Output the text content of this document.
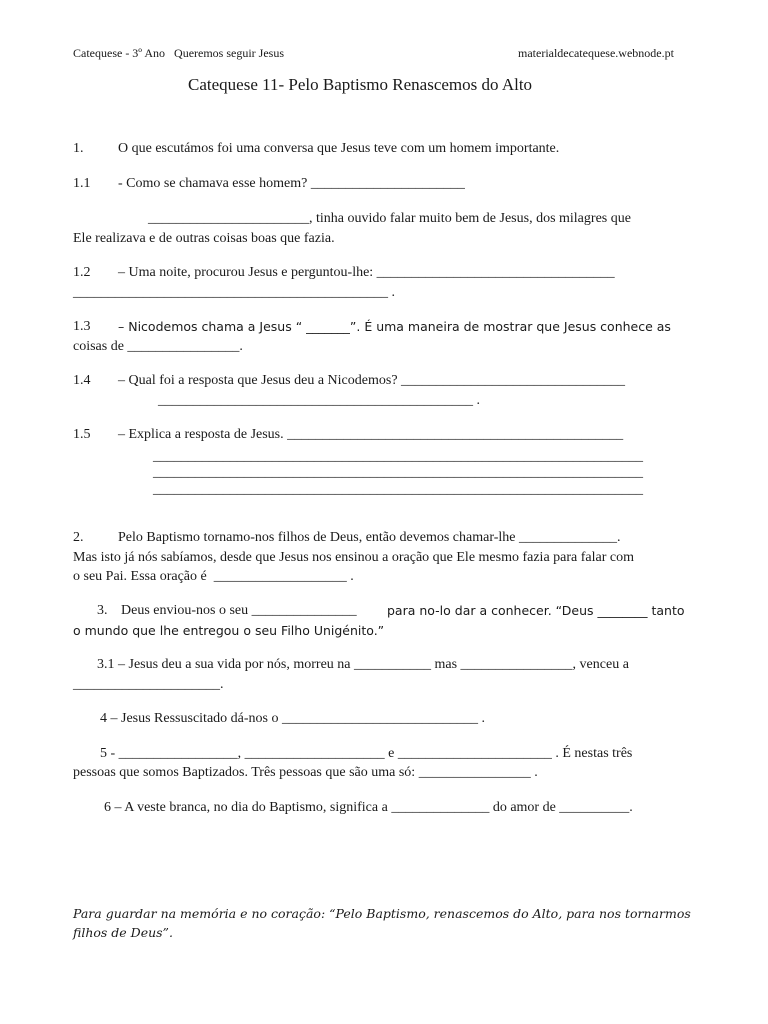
Catequese - 3º Ano   Queremos seguir Jesus	materialdecatequese.webnode.pt
Catequese 11- Pelo Baptismo Renascemos do Alto
1. O que escutámos foi uma conversa que Jesus teve com um homem importante.
1.1 - Como se chamava esse homem? ______________________
_______________________, tinha ouvido falar muito bem de Jesus, dos milagres que
Ele realizava e de outras coisas boas que fazia.
1.2 – Uma noite, procurou Jesus e perguntou-lhe: __________________________________
_____________________________________________ .
1.3 – Nicodemos chama a Jesus “ _______”. É uma maneira de mostrar que Jesus conhece as
coisas de ________________.
1.4 – Qual foi a resposta que Jesus deu a Nicodemos? ________________________________
_____________________________________________ .
1.5 – Explica a resposta de Jesus. ________________________________________________
______________________________________________________________________
______________________________________________________________________
______________________________________________________________________
2. Pelo Baptismo tornamo-nos filhos de Deus, então devemos chamar-lhe ______________.
Mas isto já nós sabíamos, desde que Jesus nos ensinou a oração que Ele mesmo fazia para falar com
o seu Pai. Essa oração é  ___________________ .
3. Deus enviou-nos o seu _______________ para no-lo dar a conhecer. “Deus ________ tanto
o mundo que lhe entregou o seu Filho Unigénito.”
3.1 – Jesus deu a sua vida por nós, morreu na ___________ mas ________________, venceu a
_____________________.
4 – Jesus Ressuscitado dá-nos o ____________________________ .
5 - _________________, ____________________ e ______________________ . É nestas três
pessoas que somos Baptizados. Três pessoas que são uma só: ________________ .
6 – A veste branca, no dia do Baptismo, significa a ______________ do amor de __________.
Para guardar na memória e no coração: “Pelo Baptismo, renascemos do Alto, para nos tornarmos
filhos de Deus”.
